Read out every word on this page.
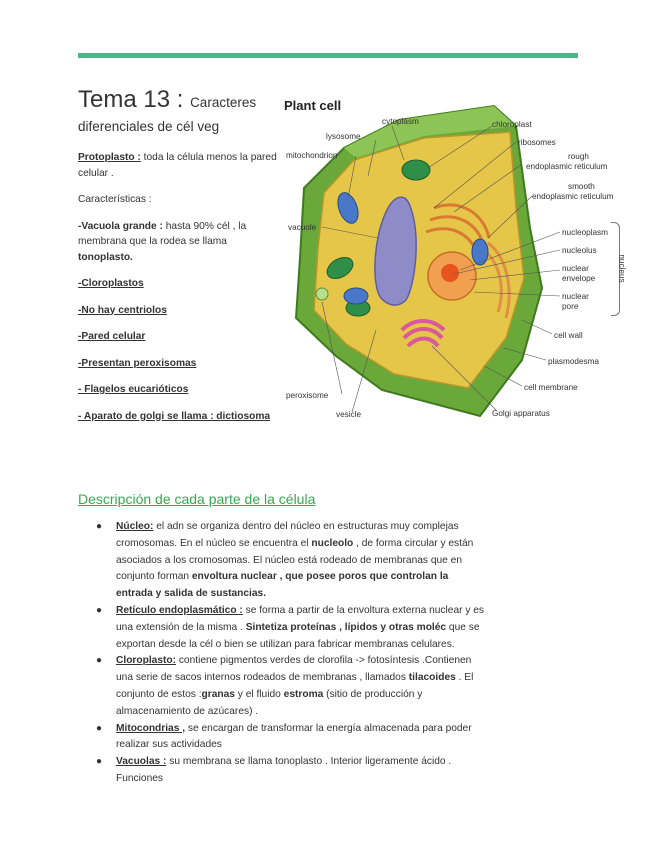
Tema 13 : Caracteres
diferenciales de cél veg

Protoplasto : toda la célula menos la pared celular .

Características :

-Vacuola grande : hasta 90% cél , la membrana que la rodea se llama tonoplasto.

-Cloroplastos

-No hay centriolos

-Pared celular

-Presentan peroxisomas

- Flagelos eucarióticos

- Aparato de golgi se llama : dictiosoma

Plant cell
cytoplasm
lysosome
mitochondrion
vacuole
peroxisome
vesicle
chloroplast
ribosomes
rough
endoplasmic reticulum
smooth
endoplasmic reticulum
nucleoplasm
nucleolus
nuclear
envelope
nuclear
pore
nucleus
cell wall
plasmodesma
cell membrane
Golgi apparatus
Descripción de cada parte de la célula
● Núcleo: el adn se organiza dentro del núcleo en estructuras muy complejas cromosomas. En el núcleo se encuentra el nucleolo , de forma circular y están asociados a los cromosomas. El núcleo está rodeado de membranas que en conjunto forman envoltura nuclear , que posee poros que controlan la entrada y salida de sustancias.
● Retículo endoplasmático : se forma a partir de la envoltura externa nuclear y es una extensión de la misma . Sintetiza proteínas , lípidos y otras moléc que se exportan desde la cél o bien se utilizan para fabricar membranas celulares.
● Cloroplasto: contiene pigmentos verdes de clorofila -> fotosíntesis .Contienen una serie de sacos internos rodeados de membranas , llamados tilacoides . El conjunto de estos :granas y el fluido estroma (sitio de producción y almacenamiento de azúcares) .
● Mitocondrias , se encargan de transformar la energía almacenada para poder realizar sus actividades
● Vacuolas : su membrana se llama tonoplasto . Interior ligeramente ácido . Funciones
